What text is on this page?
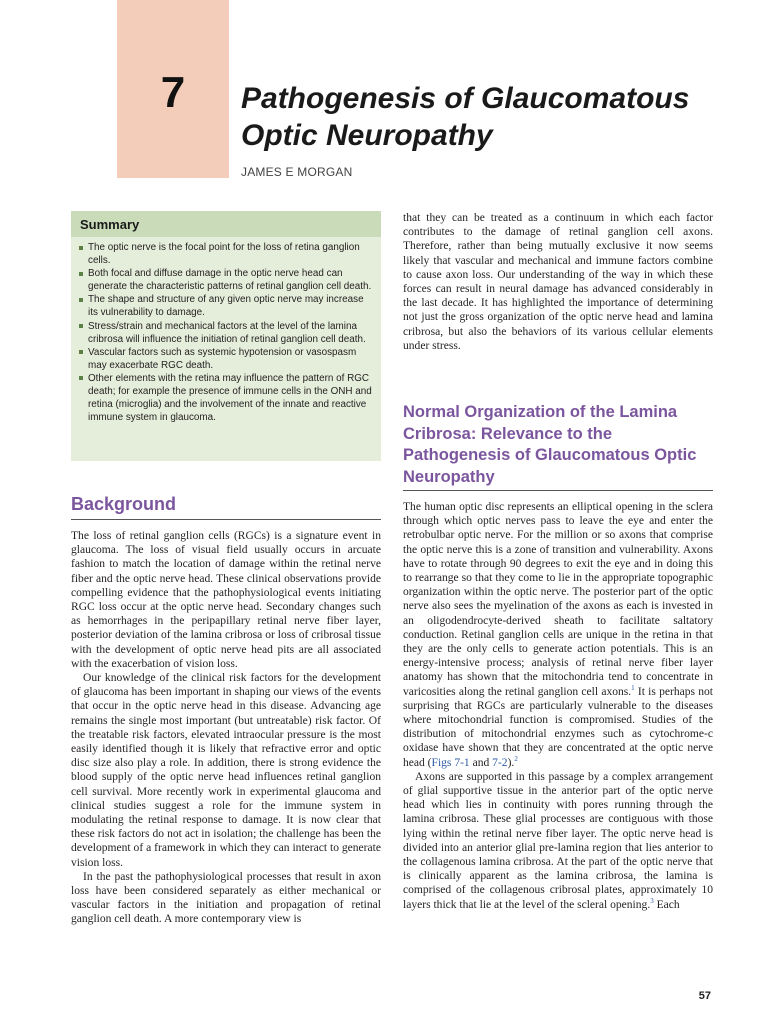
7	Pathogenesis of Glaucomatous Optic Neuropathy
JAMES E MORGAN
Summary
The optic nerve is the focal point for the loss of retina ganglion cells.
Both focal and diffuse damage in the optic nerve head can generate the characteristic patterns of retinal ganglion cell death.
The shape and structure of any given optic nerve may increase its vulnerability to damage.
Stress/strain and mechanical factors at the level of the lamina cribrosa will influence the initiation of retinal ganglion cell death.
Vascular factors such as systemic hypotension or vasospasm may exacerbate RGC death.
Other elements with the retina may influence the pattern of RGC death; for example the presence of immune cells in the ONH and retina (microglia) and the involvement of the innate and reactive immune system in glaucoma.
Background

The loss of retinal ganglion cells (RGCs) is a signature event in glaucoma. The loss of visual field usually occurs in arcuate fashion to match the location of damage within the retinal nerve fiber and the optic nerve head. These clinical observations provide compelling evidence that the pathophysiological events initiating RGC loss occur at the optic nerve head. Secondary changes such as hemorrhages in the peripapillary retinal nerve fiber layer, posterior deviation of the lamina cribrosa or loss of cribrosal tissue with the development of optic nerve head pits are all associated with the exacerbation of vision loss.

Our knowledge of the clinical risk factors for the development of glaucoma has been important in shaping our views of the events that occur in the optic nerve head in this disease. Advancing age remains the single most important (but untreatable) risk factor. Of the treatable risk factors, elevated intraocular pressure is the most easily identified though it is likely that refractive error and optic disc size also play a role. In addition, there is strong evidence the blood supply of the optic nerve head influences retinal ganglion cell survival. More recently work in experimental glaucoma and clinical studies suggest a role for the immune system in modulating the retinal response to damage. It is now clear that these risk factors do not act in isolation; the challenge has been the development of a framework in which they can interact to generate vision loss.

In the past the pathophysiological processes that result in axon loss have been considered separately as either mechanical or vascular factors in the initiation and propagation of retinal ganglion cell death. A more contemporary view is

that they can be treated as a continuum in which each factor contributes to the damage of retinal ganglion cell axons. Therefore, rather than being mutually exclusive it now seems likely that vascular and mechanical and immune factors combine to cause axon loss. Our understanding of the way in which these forces can result in neural damage has advanced considerably in the last decade. It has highlighted the importance of determining not just the gross organization of the optic nerve head and lamina cribrosa, but also the behaviors of its various cellular elements under stress.

Normal Organization of the Lamina Cribrosa: Relevance to the Pathogenesis of Glaucomatous Optic Neuropathy

The human optic disc represents an elliptical opening in the sclera through which optic nerves pass to leave the eye and enter the retrobulbar optic nerve. For the million or so axons that comprise the optic nerve this is a zone of transition and vulnerability. Axons have to rotate through 90 degrees to exit the eye and in doing this to rearrange so that they come to lie in the appropriate topographic organization within the optic nerve. The posterior part of the optic nerve also sees the myelination of the axons as each is invested in an oligodendrocyte-derived sheath to facilitate saltatory conduction. Retinal ganglion cells are unique in the retina in that they are the only cells to generate action potentials. This is an energy-intensive process; analysis of retinal nerve fiber layer anatomy has shown that the mitochondria tend to concentrate in varicosities along the retinal ganglion cell axons.$^1$ It is perhaps not surprising that RGCs are particularly vulnerable to the diseases where mitochondrial function is compromised. Studies of the distribution of mitochondrial enzymes such as cytochrome-c oxidase have shown that they are concentrated at the optic nerve head (Figs 7-1 and 7-2).$^2$

Axons are supported in this passage by a complex arrangement of glial supportive tissue in the anterior part of the optic nerve head which lies in continuity with pores running through the lamina cribrosa. These glial processes are contiguous with those lying within the retinal nerve fiber layer. The optic nerve head is divided into an anterior glial pre-lamina region that lies anterior to the collagenous lamina cribrosa. At the part of the optic nerve that is clinically apparent as the lamina cribrosa, the lamina is comprised of the collagenous cribrosal plates, approximately 10 layers thick that lie at the level of the scleral opening.$^3$ Each

57
